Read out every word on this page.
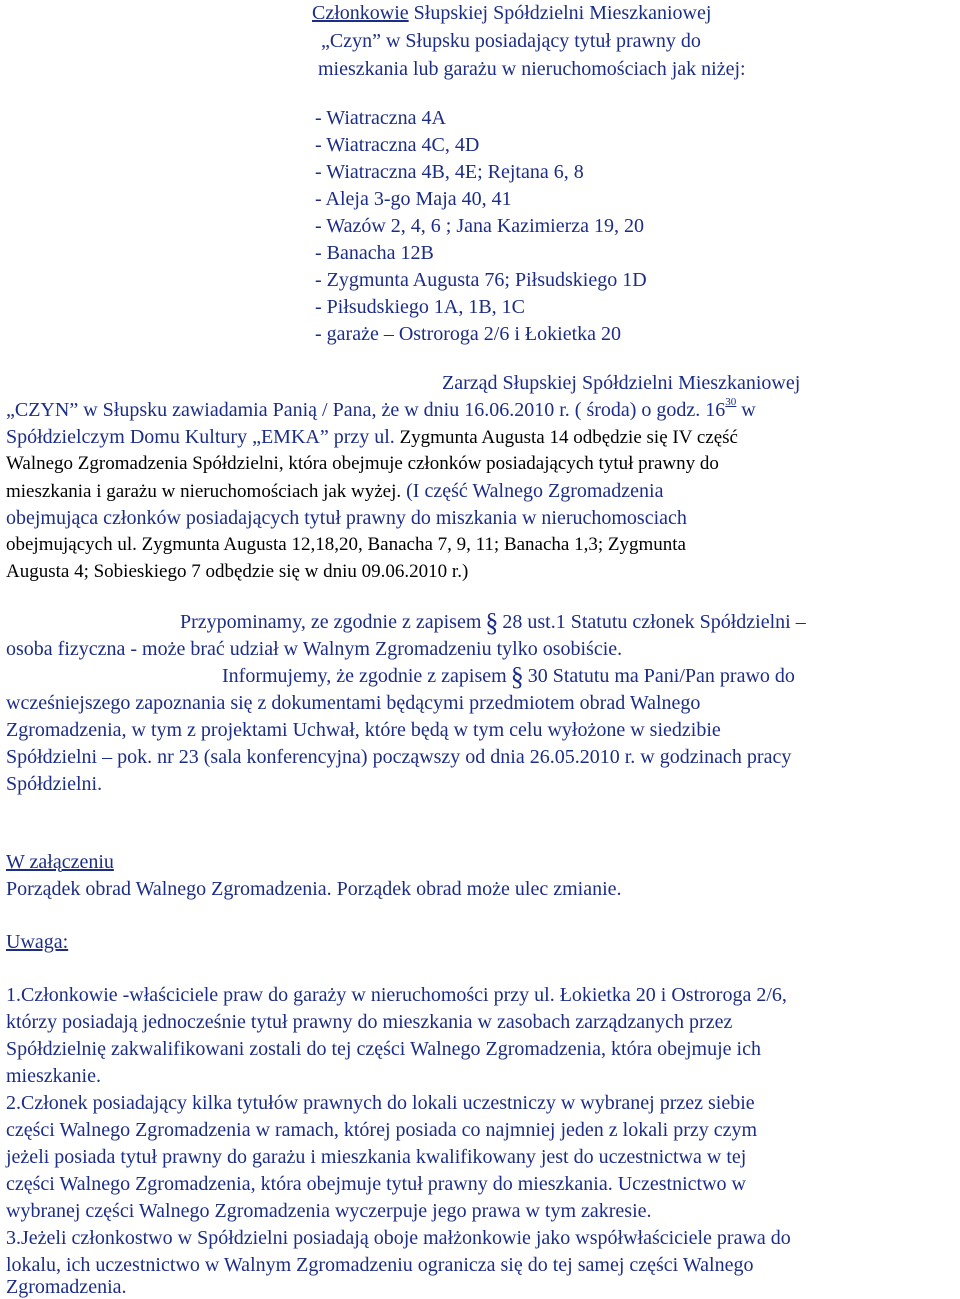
Członkowie Słupskiej Spółdzielni Mieszkaniowej
„Czyn” w Słupsku posiadający tytuł prawny do
mieszkania lub garażu w nieruchomościach jak niżej:
- Wiatraczna 4A
- Wiatraczna 4C, 4D
- Wiatraczna 4B, 4E; Rejtana 6, 8
- Aleja 3-go Maja 40, 41
- Wazów 2, 4, 6 ; Jana Kazimierza 19, 20
- Banacha 12B
- Zygmunta Augusta 76; Piłsudskiego 1D
- Piłsudskiego 1A, 1B, 1C
- garaże – Ostroroga 2/6 i Łokietka 20
Zarząd Słupskiej Spółdzielni Mieszkaniowej
„CZYN” w Słupsku zawiadamia Panią / Pana, że w dniu 16.06.2010 r. ( środa) o godz. $16^{30}$ w
Spółdzielczym Domu Kultury „EMKA” przy ul. Zygmunta Augusta 14 odbędzie się IV część
Walnego Zgromadzenia Spółdzielni, która obejmuje członków posiadających tytuł prawny do
mieszkania i garażu w nieruchomościach jak wyżej. (I część Walnego Zgromadzenia
obejmująca członków posiadających tytuł prawny do miszkania w nieruchomosciach
obejmujących ul. Zygmunta Augusta 12,18,20, Banacha 7, 9, 11; Banacha 1,3; Zygmunta
Augusta 4; Sobieskiego 7 odbędzie się w dniu 09.06.2010 r.)
Przypominamy, ze zgodnie z zapisem § 28 ust.1 Statutu członek Spółdzielni –
osoba fizyczna - może brać udział w Walnym Zgromadzeniu tylko osobiście.
Informujemy, że zgodnie z zapisem § 30 Statutu ma Pani/Pan prawo do
wcześniejszego zapoznania się z dokumentami będącymi przedmiotem obrad Walnego
Zgromadzenia, w tym z projektami Uchwał, które będą w tym celu wyłożone w siedzibie
Spółdzielni – pok. nr 23 (sala konferencyjna) począwszy od dnia 26.05.2010 r. w godzinach pracy
Spółdzielni.
W załączeniu
Porządek obrad Walnego Zgromadzenia. Porządek obrad może ulec zmianie.
Uwaga:
1.Członkowie -właściciele praw do garaży w nieruchomości przy ul. Łokietka 20 i Ostroroga 2/6,
którzy posiadają jednocześnie tytuł prawny do mieszkania w zasobach zarządzanych przez
Spółdzielnię zakwalifikowani zostali do tej części Walnego Zgromadzenia, która obejmuje ich
mieszkanie.
2.Członek posiadający kilka tytułów prawnych do lokali uczestniczy w wybranej przez siebie
części Walnego Zgromadzenia w ramach, której posiada co najmniej jeden z lokali przy czym
jeżeli posiada tytuł prawny do garażu i mieszkania kwalifikowany jest do uczestnictwa w tej
części Walnego Zgromadzenia, która obejmuje tytuł prawny do mieszkania. Uczestnictwo w
wybranej części Walnego Zgromadzenia wyczerpuje jego prawa w tym zakresie.
3.Jeżeli członkostwo w Spółdzielni posiadają oboje małżonkowie jako współwłaściciele prawa do
lokalu, ich uczestnictwo w Walnym Zgromadzeniu ogranicza się do tej samej części Walnego
Zgromadzenia.
